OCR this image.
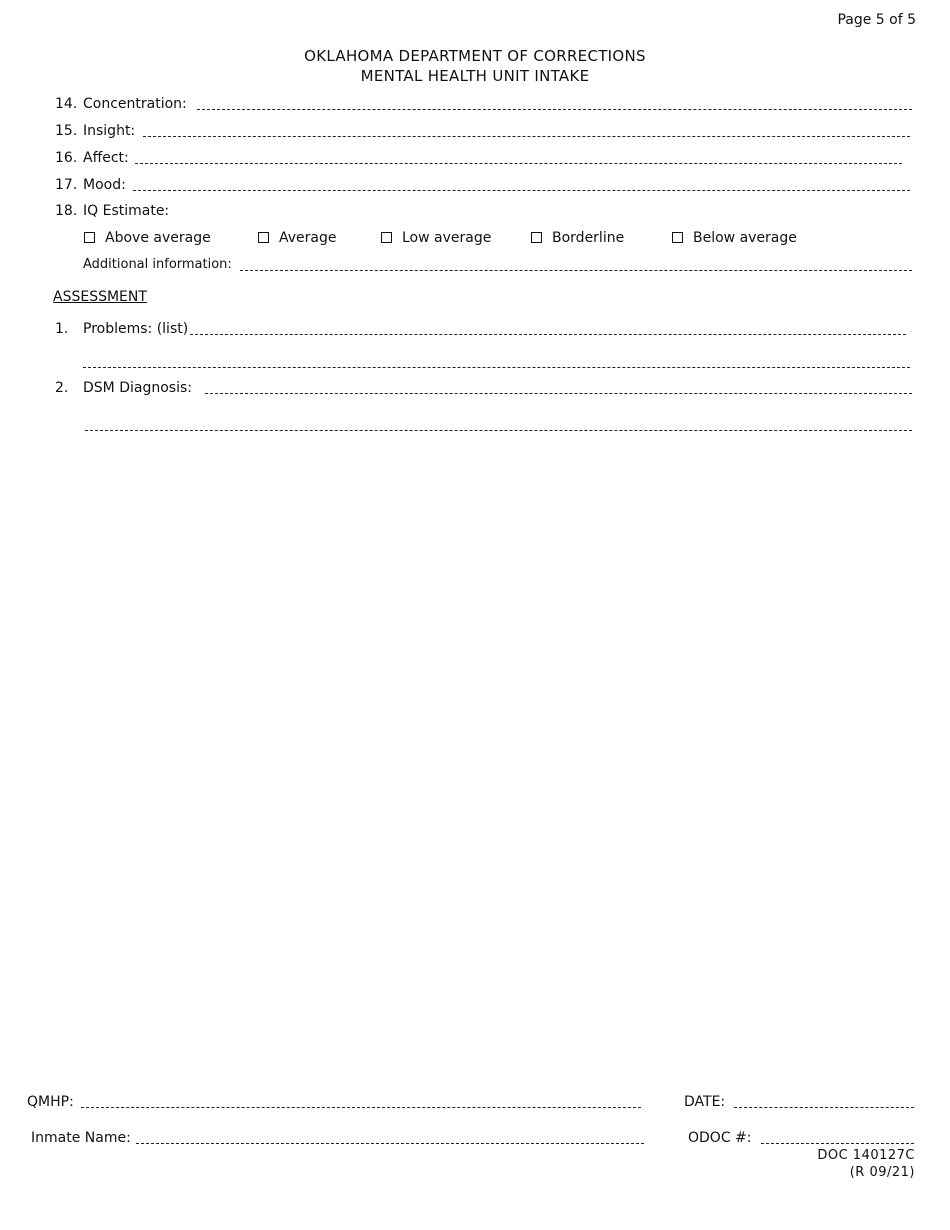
Page 5 of 5
OKLAHOMA DEPARTMENT OF CORRECTIONS
MENTAL HEALTH UNIT INTAKE
14. Concentration:
15. Insight:
16. Affect:
17. Mood:
18. IQ Estimate:
Above average	Average	Low average	Borderline	Below average
Additional information:
ASSESSMENT
1. Problems: (list)
2. DSM Diagnosis:
QMHP:	DATE:
Inmate Name:	ODOC #:
DOC 140127C
(R 09/21)
